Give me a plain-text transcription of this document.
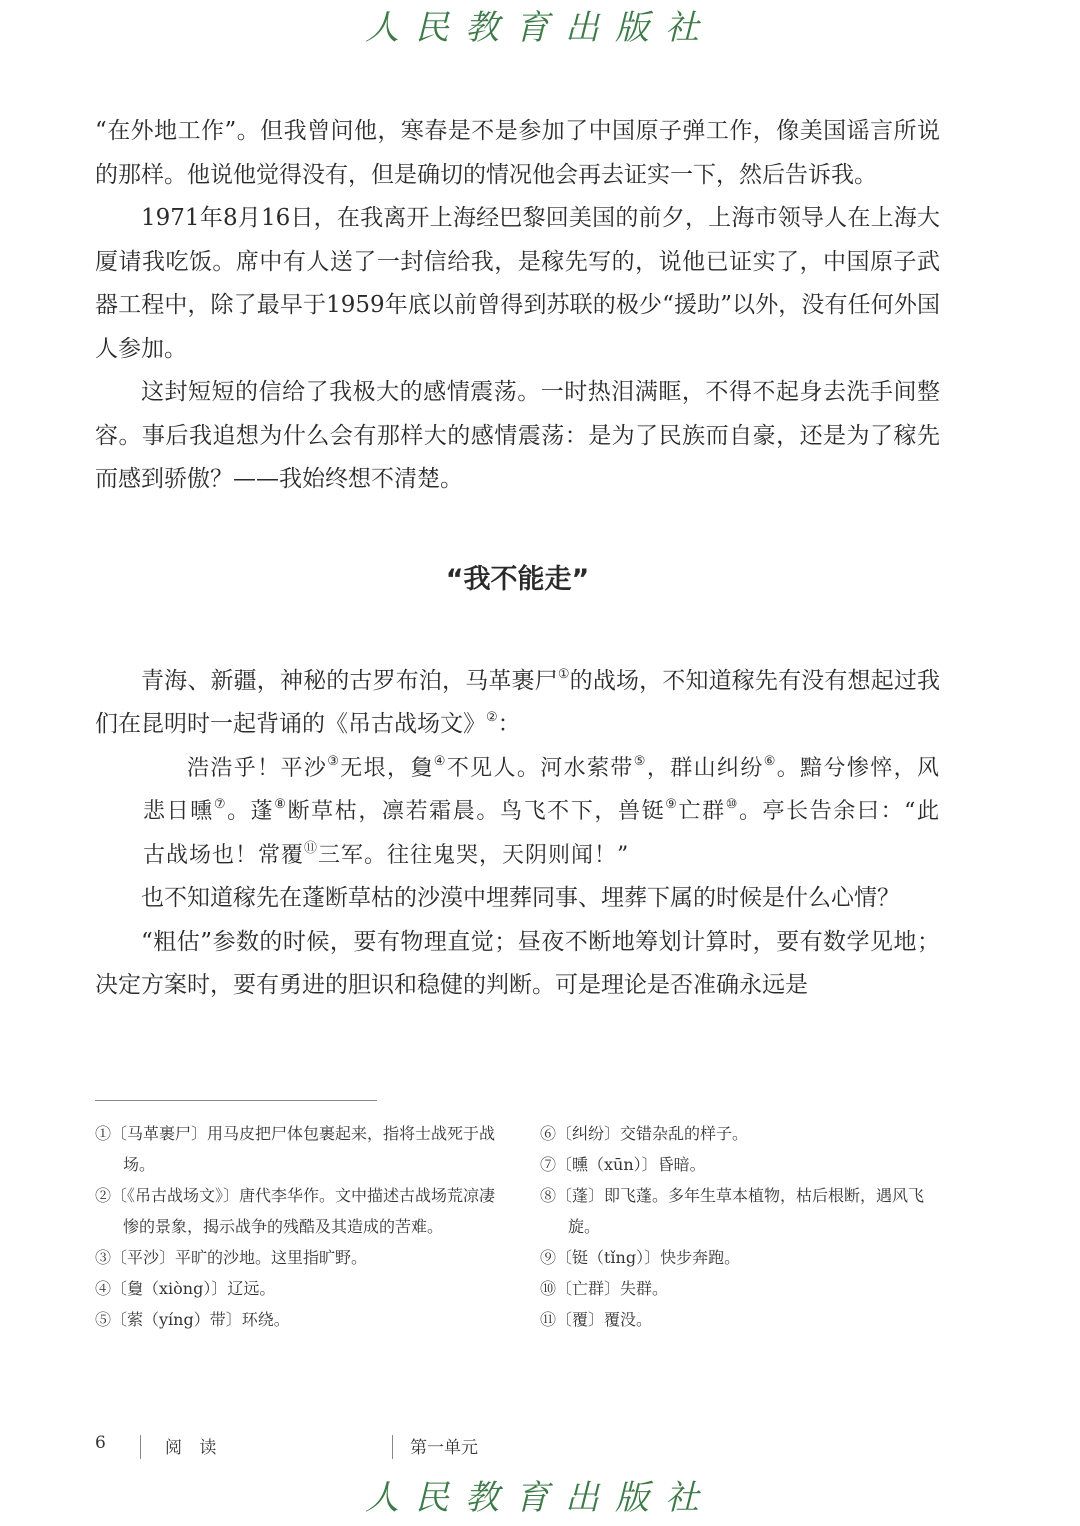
人民教育出版社

“在外地工作”。但我曾问他，寒春是不是参加了中国原子弹工作，像美国谣言所说的那样。他说他觉得没有，但是确切的情况他会再去证实一下，然后告诉我。

1971年8月16日，在我离开上海经巴黎回美国的前夕，上海市领导人在上海大厦请我吃饭。席中有人送了一封信给我，是稼先写的，说他已证实了，中国原子武器工程中，除了最早于1959年底以前曾得到苏联的极少“援助”以外，没有任何外国人参加。

这封短短的信给了我极大的感情震荡。一时热泪满眶，不得不起身去洗手间整容。事后我追想为什么会有那样大的感情震荡：是为了民族而自豪，还是为了稼先而感到骄傲？——我始终想不清楚。

“我不能走”

青海、新疆，神秘的古罗布泊，马革裹尸①的战场，不知道稼先有没有想起过我们在昆明时一起背诵的《吊古战场文》②：

浩浩乎！平沙③无垠，敻④不见人。河水萦带⑤，群山纠纷⑥。黯兮惨悴，风悲日曛⑦。蓬⑧断草枯，凛若霜晨。鸟飞不下，兽铤⑨亡群⑩。亭长告余曰：“此古战场也！常覆⑪三军。往往鬼哭，天阴则闻！”

也不知道稼先在蓬断草枯的沙漠中埋葬同事、埋葬下属的时候是什么心情？

“粗估”参数的时候，要有物理直觉；昼夜不断地筹划计算时，要有数学见地；决定方案时，要有勇进的胆识和稳健的判断。可是理论是否准确永远是

①〔马革裹尸〕用马皮把尸体包裹起来，指将士战死于战场。
②〔《吊古战场文》〕唐代李华作。文中描述古战场荒凉凄惨的景象，揭示战争的残酷及其造成的苦难。
③〔平沙〕平旷的沙地。这里指旷野。
④〔敻（xiòng）〕辽远。
⑤〔萦（yíng）带〕环绕。
⑥〔纠纷〕交错杂乱的样子。
⑦〔曛（xūn）〕昏暗。
⑧〔蓬〕即飞蓬。多年生草本植物，枯后根断，遇风飞旋。
⑨〔铤（tǐng）〕快步奔跑。
⑩〔亡群〕失群。
⑪〔覆〕覆没。
6	阅 读	第一单元
人民教育出版社
